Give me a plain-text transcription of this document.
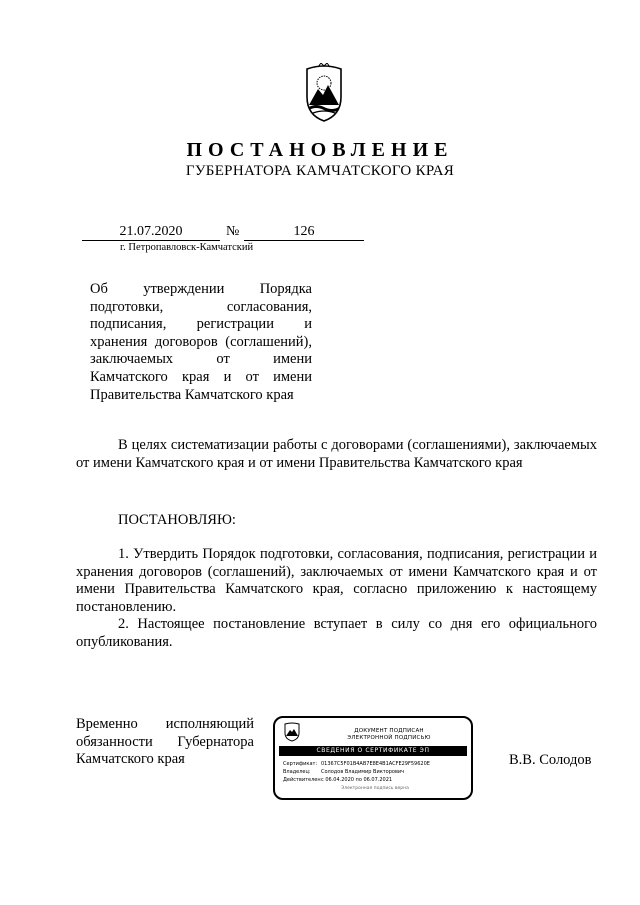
ПОСТАНОВЛЕНИЕ
ГУБЕРНАТОРА КАМЧАТСКОГО КРАЯ
21.07.2020	№	126
г. Петропавловск-Камчатский
Об утверждении Порядка
подготовки, согласования,
подписания, регистрации и
хранения договоров (соглашений),
заключаемых от имени
Камчатского края и от имени
Правительства Камчатского края

В целях систематизации работы с договорами (соглашениями), заключаемых от имени Камчатского края и от имени Правительства Камчатского края

ПОСТАНОВЛЯЮ:

1. Утвердить Порядок подготовки, согласования, подписания, регистрации и хранения договоров (соглашений), заключаемых от имени Камчатского края и от имени Правительства Камчатского края, согласно приложению к настоящему постановлению.

2. Настоящее постановление вступает в силу со дня его официального опубликования.

Временно исполняющий
обязанности Губернатора
Камчатского края
ДОКУМЕНТ ПОДПИСАН
ЭЛЕКТРОННОЙ ПОДПИСЬЮ
СВЕДЕНИЯ О СЕРТИФИКАТЕ ЭП
Сертификат: 01367C5F01B4AB7E8E4B1ACFE29F59620E
Владелец:	Солодов Владимир Викторович
Действителен с 06.04.2020 по 06.07.2021
Электронная подпись верна
В.В. Солодов
